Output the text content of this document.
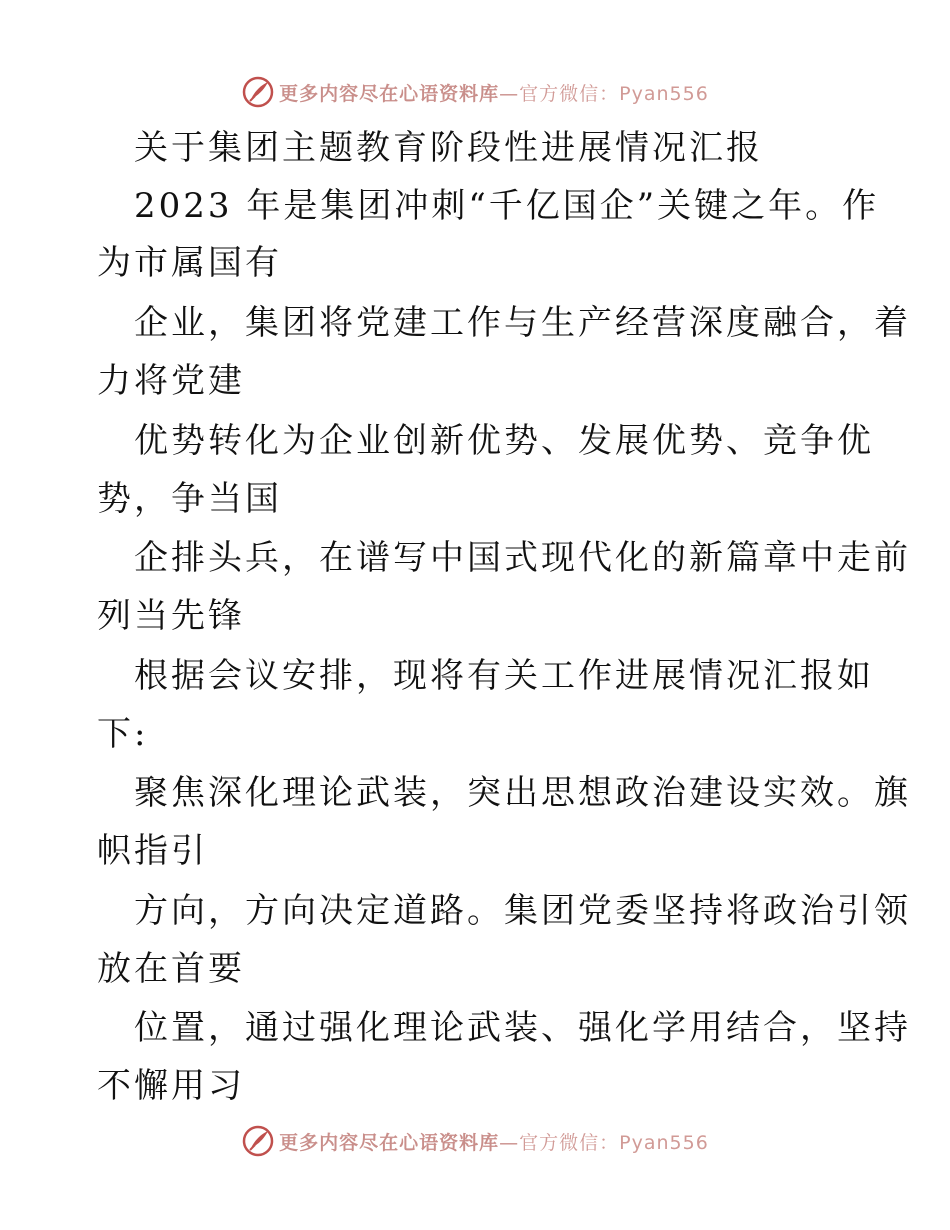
更多内容尽在心语资料库—官方微信：Pyan556
关于集团主题教育阶段性进展情况汇报
2023 年是集团冲刺“千亿国企”关键之年。作
为市属国有
企业，集团将党建工作与生产经营深度融合，着
力将党建
优势转化为企业创新优势、发展优势、竞争优
势，争当国
企排头兵，在谱写中国式现代化的新篇章中走前
列当先锋
根据会议安排，现将有关工作进展情况汇报如
下:
聚焦深化理论武装，突出思想政治建设实效。旗
帜指引
方向，方向决定道路。集团党委坚持将政治引领
放在首要
位置，通过强化理论武装、强化学用结合，坚持
不懈用习
更多内容尽在心语资料库—官方微信：Pyan556
